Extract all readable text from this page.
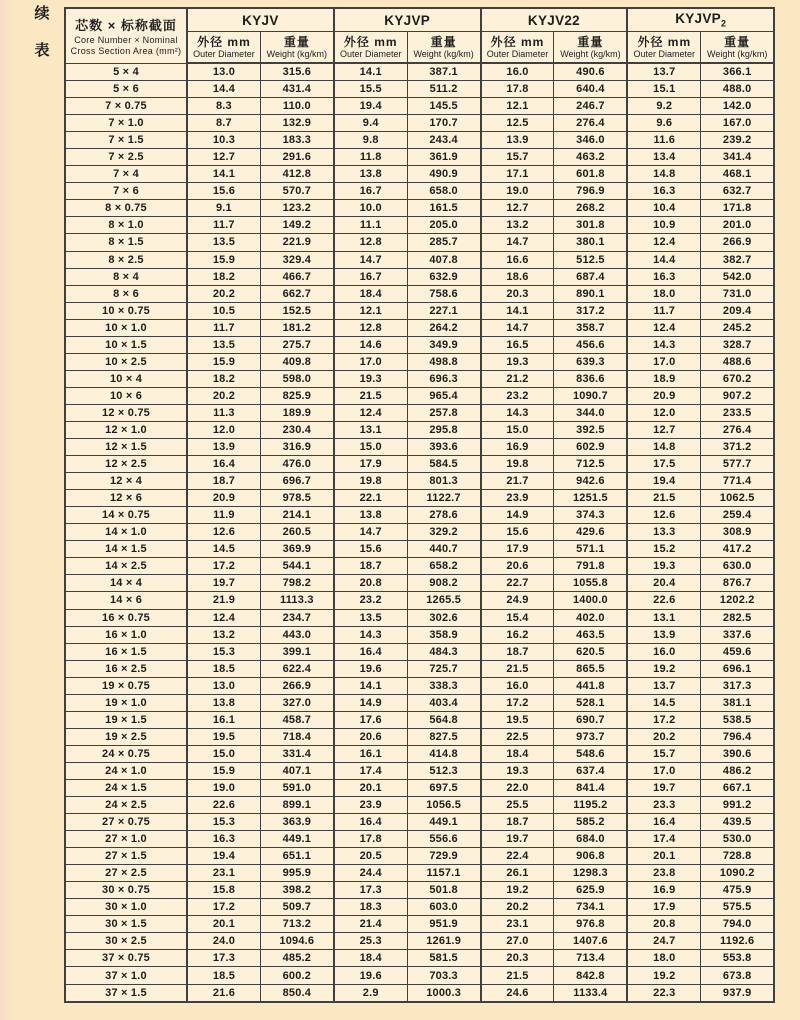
续
表
芯数 × 标称截面
Core Number × Nominal
Cross Section Area (mm²)	KYJV		KYJVP		KYJV22		$KYJVP_2$

外径 mm
Outer Diameter

重量
Weight (kg/km)

外径 mm
Outer Diameter

重量
Weight (kg/km)

外径 mm
Outer Diameter

重量
Weight (kg/km)

外径 mm
Outer Diameter

重量
Weight (kg/km)

5 × 4	13.0	315.6	14.1	387.1	16.0	490.6	13.7	366.1
5 × 6	14.4	431.4	15.5	511.2	17.8	640.4	15.1	488.0
7 × 0.75	8.3	110.0	19.4	145.5	12.1	246.7	9.2	142.0
7 × 1.0	8.7	132.9	9.4	170.7	12.5	276.4	9.6	167.0
7 × 1.5	10.3	183.3	9.8	243.4	13.9	346.0	11.6	239.2
7 × 2.5	12.7	291.6	11.8	361.9	15.7	463.2	13.4	341.4
7 × 4	14.1	412.8	13.8	490.9	17.1	601.8	14.8	468.1
7 × 6	15.6	570.7	16.7	658.0	19.0	796.9	16.3	632.7
8 × 0.75	9.1	123.2	10.0	161.5	12.7	268.2	10.4	171.8
8 × 1.0	11.7	149.2	11.1	205.0	13.2	301.8	10.9	201.0
8 × 1.5	13.5	221.9	12.8	285.7	14.7	380.1	12.4	266.9
8 × 2.5	15.9	329.4	14.7	407.8	16.6	512.5	14.4	382.7
8 × 4	18.2	466.7	16.7	632.9	18.6	687.4	16.3	542.0
8 × 6	20.2	662.7	18.4	758.6	20.3	890.1	18.0	731.0
10 × 0.75	10.5	152.5	12.1	227.1	14.1	317.2	11.7	209.4
10 × 1.0	11.7	181.2	12.8	264.2	14.7	358.7	12.4	245.2
10 × 1.5	13.5	275.7	14.6	349.9	16.5	456.6	14.3	328.7
10 × 2.5	15.9	409.8	17.0	498.8	19.3	639.3	17.0	488.6
10 × 4	18.2	598.0	19.3	696.3	21.2	836.6	18.9	670.2
10 × 6	20.2	825.9	21.5	965.4	23.2	1090.7	20.9	907.2
12 × 0.75	11.3	189.9	12.4	257.8	14.3	344.0	12.0	233.5
12 × 1.0	12.0	230.4	13.1	295.8	15.0	392.5	12.7	276.4
12 × 1.5	13.9	316.9	15.0	393.6	16.9	602.9	14.8	371.2
12 × 2.5	16.4	476.0	17.9	584.5	19.8	712.5	17.5	577.7
12 × 4	18.7	696.7	19.8	801.3	21.7	942.6	19.4	771.4
12 × 6	20.9	978.5	22.1	1122.7	23.9	1251.5	21.5	1062.5
14 × 0.75	11.9	214.1	13.8	278.6	14.9	374.3	12.6	259.4
14 × 1.0	12.6	260.5	14.7	329.2	15.6	429.6	13.3	308.9
14 × 1.5	14.5	369.9	15.6	440.7	17.9	571.1	15.2	417.2
14 × 2.5	17.2	544.1	18.7	658.2	20.6	791.8	19.3	630.0
14 × 4	19.7	798.2	20.8	908.2	22.7	1055.8	20.4	876.7
14 × 6	21.9	1113.3	23.2	1265.5	24.9	1400.0	22.6	1202.2
16 × 0.75	12.4	234.7	13.5	302.6	15.4	402.0	13.1	282.5
16 × 1.0	13.2	443.0	14.3	358.9	16.2	463.5	13.9	337.6
16 × 1.5	15.3	399.1	16.4	484.3	18.7	620.5	16.0	459.6
16 × 2.5	18.5	622.4	19.6	725.7	21.5	865.5	19.2	696.1
19 × 0.75	13.0	266.9	14.1	338.3	16.0	441.8	13.7	317.3
19 × 1.0	13.8	327.0	14.9	403.4	17.2	528.1	14.5	381.1
19 × 1.5	16.1	458.7	17.6	564.8	19.5	690.7	17.2	538.5
19 × 2.5	19.5	718.4	20.6	827.5	22.5	973.7	20.2	796.4
24 × 0.75	15.0	331.4	16.1	414.8	18.4	548.6	15.7	390.6
24 × 1.0	15.9	407.1	17.4	512.3	19.3	637.4	17.0	486.2
24 × 1.5	19.0	591.0	20.1	697.5	22.0	841.4	19.7	667.1
24 × 2.5	22.6	899.1	23.9	1056.5	25.5	1195.2	23.3	991.2
27 × 0.75	15.3	363.9	16.4	449.1	18.7	585.2	16.4	439.5
27 × 1.0	16.3	449.1	17.8	556.6	19.7	684.0	17.4	530.0
27 × 1.5	19.4	651.1	20.5	729.9	22.4	906.8	20.1	728.8
27 × 2.5	23.1	995.9	24.4	1157.1	26.1	1298.3	23.8	1090.2
30 × 0.75	15.8	398.2	17.3	501.8	19.2	625.9	16.9	475.9
30 × 1.0	17.2	509.7	18.3	603.0	20.2	734.1	17.9	575.5
30 × 1.5	20.1	713.2	21.4	951.9	23.1	976.8	20.8	794.0
30 × 2.5	24.0	1094.6	25.3	1261.9	27.0	1407.6	24.7	1192.6
37 × 0.75	17.3	485.2	18.4	581.5	20.3	713.4	18.0	553.8
37 × 1.0	18.5	600.2	19.6	703.3	21.5	842.8	19.2	673.8
37 × 1.5	21.6	850.4	2.9	1000.3	24.6	1133.4	22.3	937.9
